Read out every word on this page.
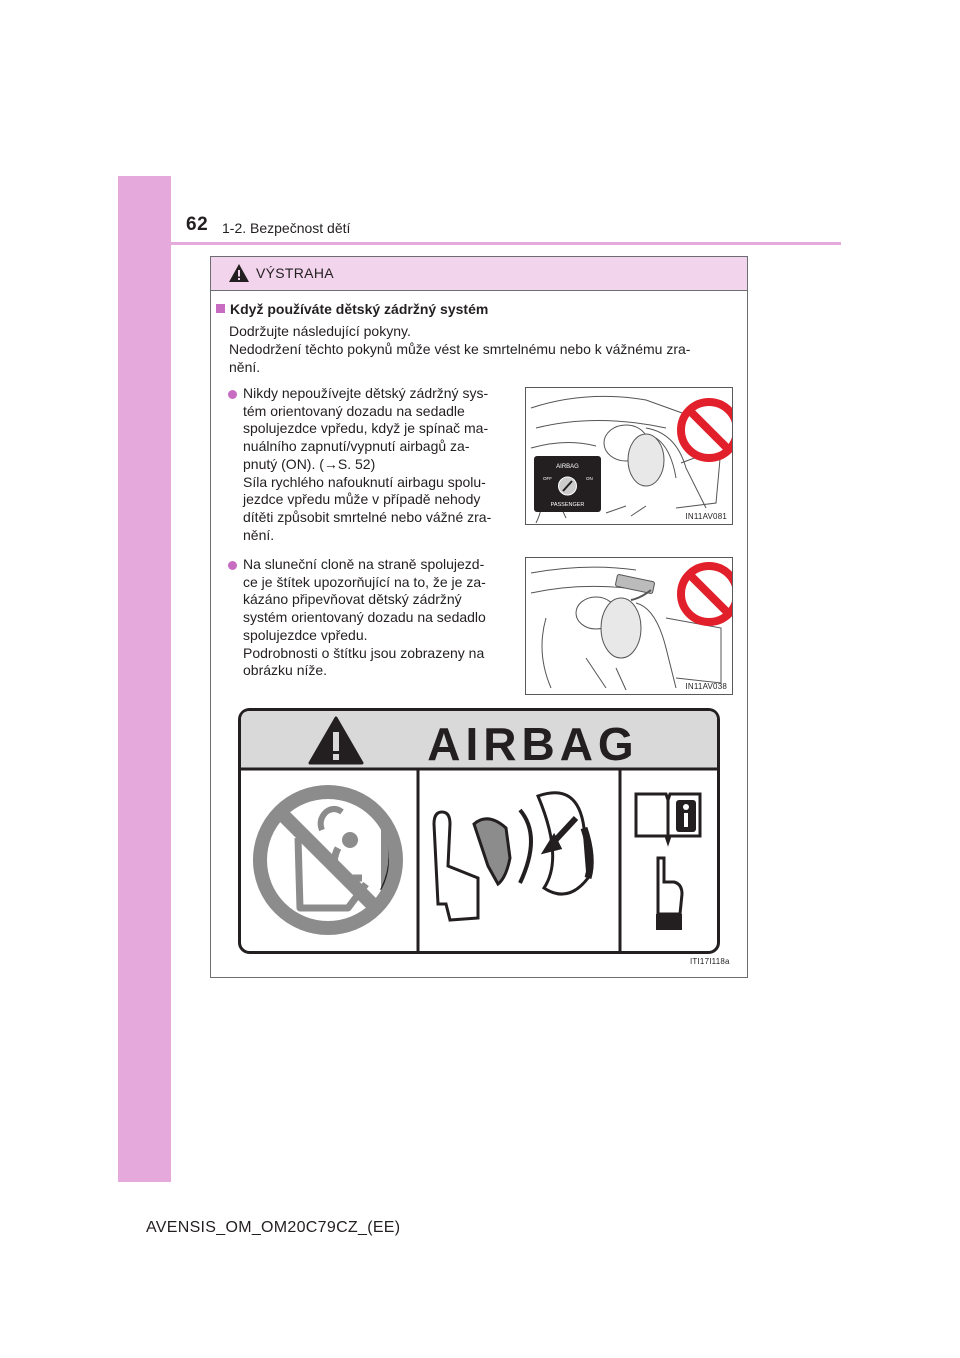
62 1-2. Bezpečnost dětí
VÝSTRAHA
Když používáte dětský zádržný systém
Dodržujte následující pokyny.
Nedodržení těchto pokynů může vést ke smrtelnému nebo k vážnému zra-
nění.
Nikdy nepoužívejte dětský zádržný sys-
tém orientovaný dozadu na sedadle
spolujezdce vpředu, když je spínač ma-
nuálního zapnutí/vypnutí airbagů za-
pnutý (ON). (→S. 52)
Síla rychlého nafouknutí airbagu spolu-
jezdce vpředu může v případě nehody
dítěti způsobit smrtelné nebo vážné zra-
nění.
AIRBAG
OFF	ON
PASSENGER
IN11AV081
Na sluneční cloně na straně spolujezd-
ce je štítek upozorňující na to, že je za-
kázáno připevňovat dětský zádržný
systém orientovaný dozadu na sedadlo
spolujezdce vpředu.
Podrobnosti o štítku jsou zobrazeny na
obrázku níže.
IN11AV038
AIRBAG
ITI17I118a
AVENSIS_OM_OM20C79CZ_(EE)
